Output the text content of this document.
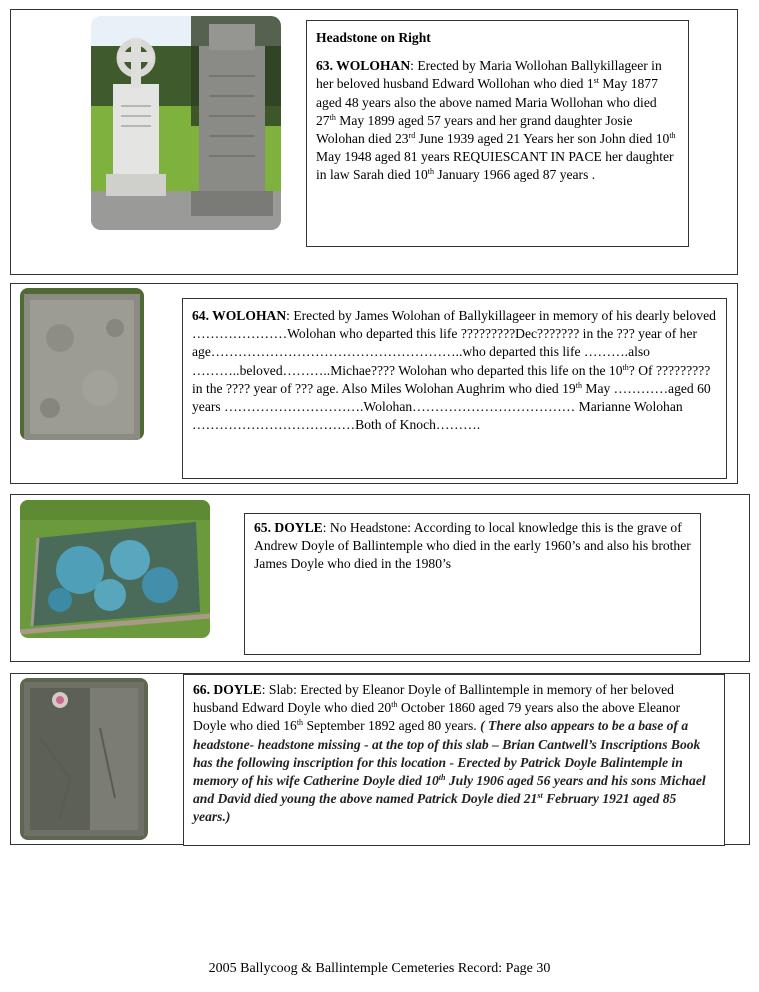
Headstone on Right

63. WOLOHAN: Erected by Maria Wollohan Ballykillageer in her beloved husband Edward Wollohan who died 1st May 1877 aged 48 years also the above named Maria Wollohan who died 27th May 1899 aged 57 years and her grand daughter Josie Wolohan died 23rd June 1939 aged 21 Years her son John died 10th May 1948 aged 81 years REQUIESCANT IN PACE her daughter in law Sarah died 10th January 1966 aged 87 years .

64. WOLOHAN: Erected by James Wolohan of Ballykillageer in memory of his dearly beloved …………………Wolohan who departed this life ?????????Dec??????? in the ??? year of her age………………………………………………..who departed this life ……….also ………..beloved………..Michae???? Wolohan who departed this life on the 10th? Of ????????? in the ???? year of ??? age. Also Miles Wolohan Aughrim who died 19th May …………aged 60 years ………………………….Wolohan……………………………… Marianne Wolohan ………………………………Both of Knoch……….

65. DOYLE: No Headstone: According to local knowledge this is the grave of Andrew Doyle of Ballintemple who died in the early 1960’s and also his brother James Doyle who died in the 1980’s

66. DOYLE: Slab: Erected by Eleanor Doyle of Ballintemple in memory of her beloved husband Edward Doyle who died 20th October 1860 aged 79 years also the above Eleanor Doyle who died 16th September 1892 aged 80 years. ( There also appears to be a base of a headstone- headstone missing - at the top of this slab – Brian Cantwell’s Inscriptions Book has the following inscription for this location - Erected by Patrick Doyle Balintemple in memory of his wife Catherine Doyle died 10th July 1906 aged 56 years and his sons Michael and David died young the above named Patrick Doyle died 21st February 1921 aged 85 years.)

2005 Ballycoog & Ballintemple Cemeteries Record: Page 30
